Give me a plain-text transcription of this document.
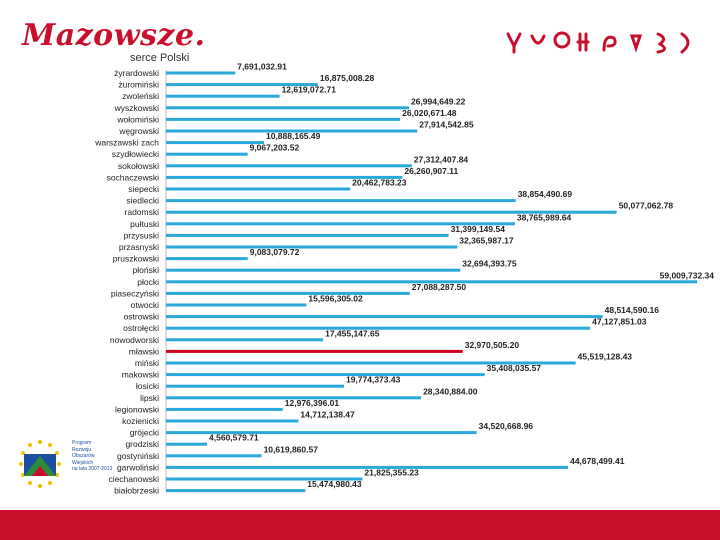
Mazowsze.
serce Polski
Program
Rozwoju
Obszarów
Wiejskich
na lata 2007-2013
żyrardowski
7,691,032.91
żuromiński
16,875,008.28
zwoleński
12,619,072.71
wyszkowski
26,994,649.22
wołomiński
26,020,671.48
węgrowski
27,914,542.85
warszawski zach
10,888,165.49
szydłowiecki
9,067,203.52
sokołowski
27,312,407.84
sochaczewski
26,260,907.11
siepecki
20,462,783.23
siedlecki
38,854,490.69
radomski
50,077,062.78
pułtuski
38,765,989.64
przysuski
31,399,149.54
przasnyski
32,365,987.17
pruszkowski
9,083,079.72
płoński
32,694,393.75
płocki
59,009,732.34
piaseczyński
27,088,287.50
otwocki
15,596,305.02
ostrowski
48,514,590.16
ostrołęcki
47,127,851.03
nowodworski
17,455,147.65
mławski
32,970,505.20
miński
45,519,128.43
makowski
35,408,035.57
łosicki
19,774,373.43
lipski
28,340,884.00
legionowski
12,976,396.01
kozienicki
14,712,138.47
grójecki
34,520,668.96
grodziski
4,560,579.71
gostyniński
10,619,860.57
garwoliński
44,678,499.41
ciechanowski
21,825,355.23
białobrzeski
15,474,980.43
